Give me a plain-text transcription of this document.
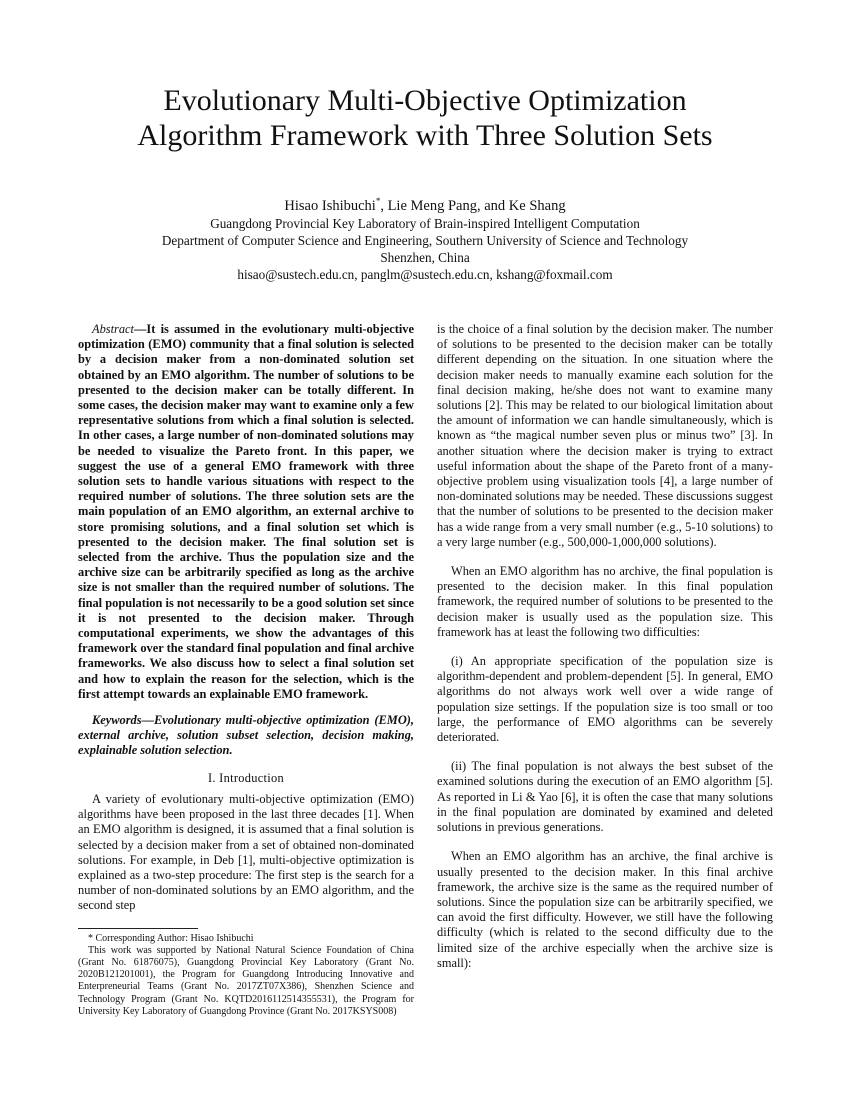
Evolutionary Multi-Objective Optimization
Algorithm Framework with Three Solution Sets
Hisao Ishibuchi*, Lie Meng Pang, and Ke Shang
Guangdong Provincial Key Laboratory of Brain-inspired Intelligent Computation
Department of Computer Science and Engineering, Southern University of Science and Technology
Shenzhen, China
hisao@sustech.edu.cn, panglm@sustech.edu.cn, kshang@foxmail.com

Abstract—It is assumed in the evolutionary multi-objective optimization (EMO) community that a final solution is selected by a decision maker from a non-dominated solution set obtained by an EMO algorithm. The number of solutions to be presented to the decision maker can be totally different. In some cases, the decision maker may want to examine only a few representative solutions from which a final solution is selected. In other cases, a large number of non-dominated solutions may be needed to visualize the Pareto front. In this paper, we suggest the use of a general EMO framework with three solution sets to handle various situations with respect to the required number of solutions. The three solution sets are the main population of an EMO algorithm, an external archive to store promising solutions, and a final solution set which is presented to the decision maker. The final solution set is selected from the archive. Thus the population size and the archive size can be arbitrarily specified as long as the archive size is not smaller than the required number of solutions. The final population is not necessarily to be a good solution set since it is not presented to the decision maker. Through computational experiments, we show the advantages of this framework over the standard final population and final archive frameworks. We also discuss how to select a final solution set and how to explain the reason for the selection, which is the first attempt towards an explainable EMO framework.

Keywords—Evolutionary multi-objective optimization (EMO), external archive, solution subset selection, decision making, explainable solution selection.

I. Introduction

A variety of evolutionary multi-objective optimization (EMO) algorithms have been proposed in the last three decades [1]. When an EMO algorithm is designed, it is assumed that a final solution is selected by a decision maker from a set of obtained non-dominated solutions. For example, in Deb [1], multi-objective optimization is explained as a two-step procedure: The first step is the search for a number of non-dominated solutions by an EMO algorithm, and the second step

* Corresponding Author: Hisao Ishibuchi

This work was supported by National Natural Science Foundation of China (Grant No. 61876075), Guangdong Provincial Key Laboratory (Grant No. 2020B121201001), the Program for Guangdong Introducing Innovative and Enterpreneurial Teams (Grant No. 2017ZT07X386), Shenzhen Science and Technology Program (Grant No. KQTD2016112514355531), the Program for University Key Laboratory of Guangdong Province (Grant No. 2017KSYS008)

is the choice of a final solution by the decision maker. The number of solutions to be presented to the decision maker can be totally different depending on the situation. In one situation where the decision maker needs to manually examine each solution for the final decision making, he/she does not want to examine many solutions [2]. This may be related to our biological limitation about the amount of information we can handle simultaneously, which is known as “the magical number seven plus or minus two” [3]. In another situation where the decision maker is trying to extract useful information about the shape of the Pareto front of a many-objective problem using visualization tools [4], a large number of non-dominated solutions may be needed. These discussions suggest that the number of solutions to be presented to the decision maker has a wide range from a very small number (e.g., 5-10 solutions) to a very large number (e.g., 500,000-1,000,000 solutions).

When an EMO algorithm has no archive, the final population is presented to the decision maker. In this final population framework, the required number of solutions to be presented to the decision maker is usually used as the population size. This framework has at least the following two difficulties:

(i) An appropriate specification of the population size is algorithm-dependent and problem-dependent [5]. In general, EMO algorithms do not always work well over a wide range of population size settings. If the population size is too small or too large, the performance of EMO algorithms can be severely deteriorated.

(ii) The final population is not always the best subset of the examined solutions during the execution of an EMO algorithm [5]. As reported in Li & Yao [6], it is often the case that many solutions in the final population are dominated by examined and deleted solutions in previous generations.

When an EMO algorithm has an archive, the final archive is usually presented to the decision maker. In this final archive framework, the archive size is the same as the required number of solutions. Since the population size can be arbitrarily specified, we can avoid the first difficulty. However, we still have the following difficulty (which is related to the second difficulty due to the limited size of the archive especially when the archive size is small):
